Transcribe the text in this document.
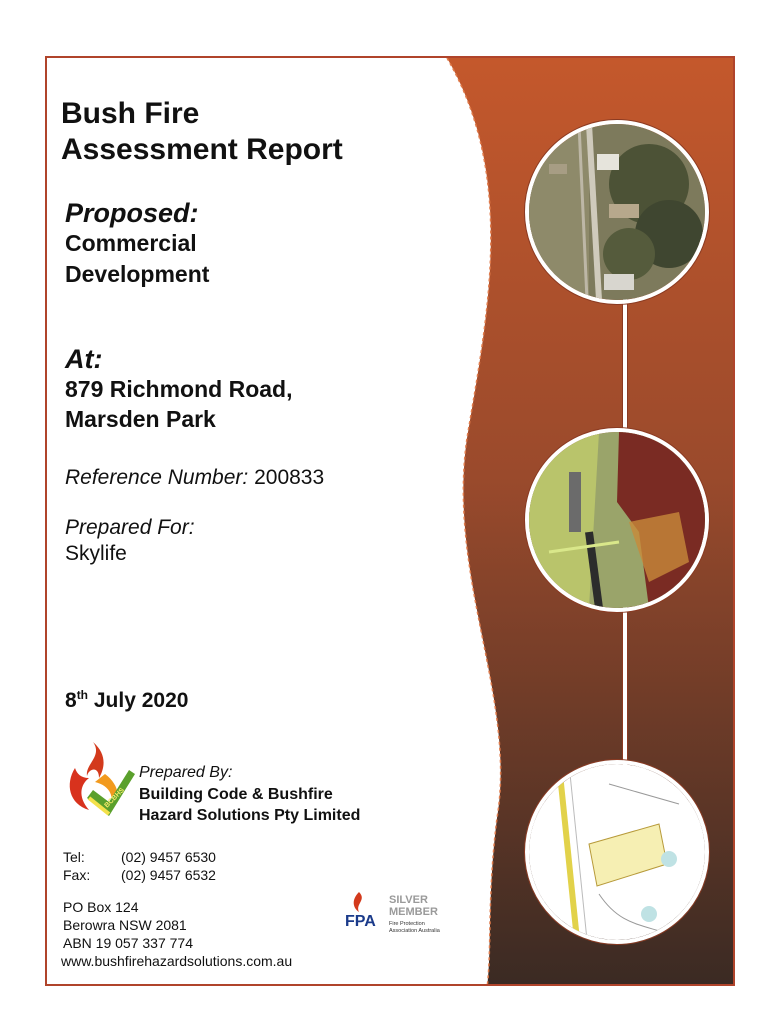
Bush Fire
Assessment Report

Proposed:

Commercial

Development

At:

879 Richmond Road,

Marsden Park

Reference Number: 200833

Prepared For:

Skylife

8th July 2020
BCBHS
Prepared By:
Building Code & Bushfire
Hazard Solutions Pty Limited
Tel:	(02) 9457 6530
Fax:	(02) 9457 6532
PO Box 124
Berowra NSW 2081
ABN 19 057 337 774
www.bushfirehazardsolutions.com.au
FPA
SILVER
MEMBER
Fire Protection
Association Australia
